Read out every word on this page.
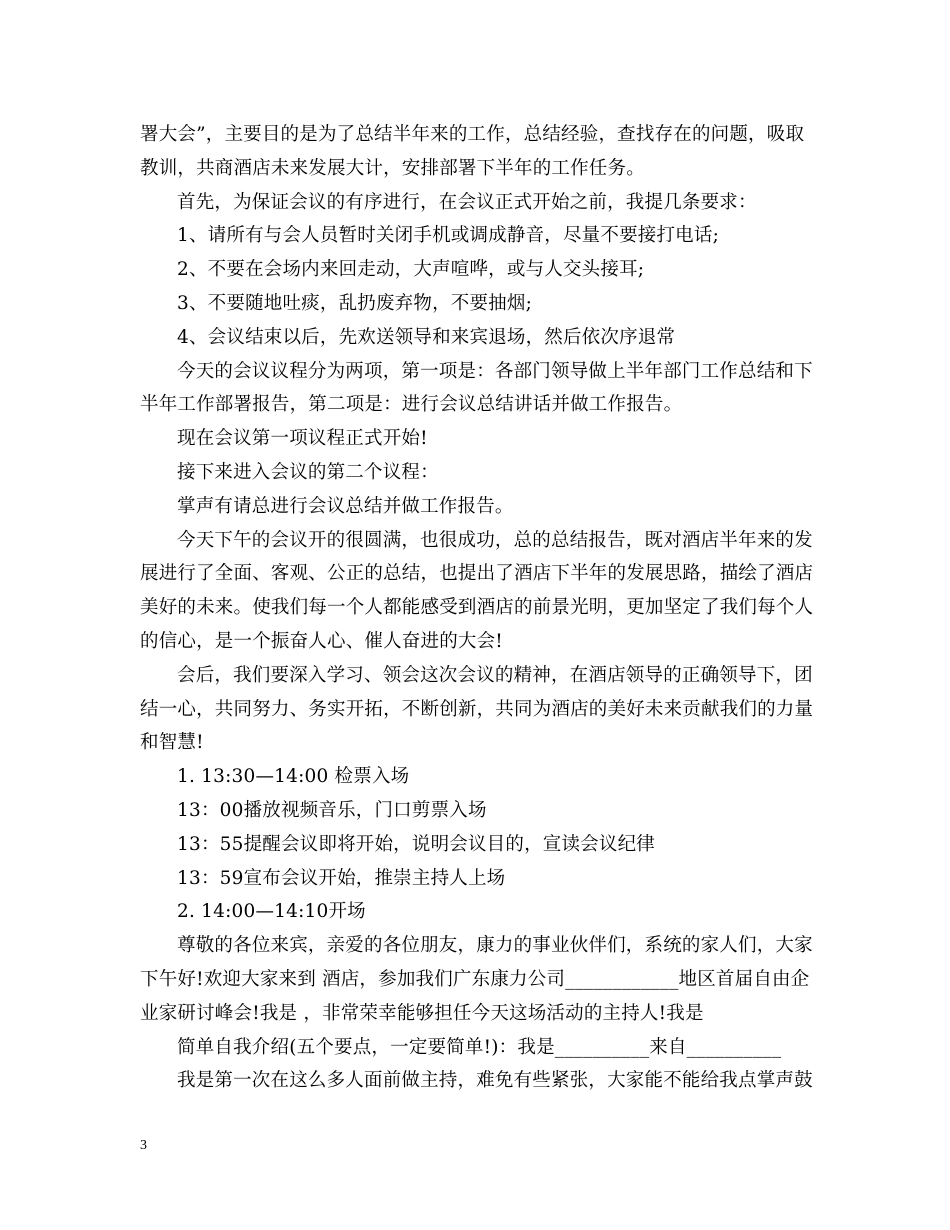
署大会”，主要目的是为了总结半年来的工作，总结经验，查找存在的问题，吸取
教训，共商酒店未来发展大计，安排部署下半年的工作任务。
首先，为保证会议的有序进行，在会议正式开始之前，我提几条要求：
1、请所有与会人员暂时关闭手机或调成静音，尽量不要接打电话;
2、不要在会场内来回走动，大声喧哗，或与人交头接耳;
3、不要随地吐痰，乱扔废弃物，不要抽烟;
4、会议结束以后，先欢送领导和来宾退场，然后依次序退常
今天的会议议程分为两项，第一项是：各部门领导做上半年部门工作总结和下
半年工作部署报告，第二项是：进行会议总结讲话并做工作报告。
现在会议第一项议程正式开始!
接下来进入会议的第二个议程：
掌声有请总进行会议总结并做工作报告。
今天下午的会议开的很圆满，也很成功，总的总结报告，既对酒店半年来的发
展进行了全面、客观、公正的总结，也提出了酒店下半年的发展思路，描绘了酒店
美好的未来。使我们每一个人都能感受到酒店的前景光明，更加坚定了我们每个人
的信心，是一个振奋人心、催人奋进的大会!
会后，我们要深入学习、领会这次会议的精神，在酒店领导的正确领导下，团
结一心，共同努力、务实开拓，不断创新，共同为酒店的美好未来贡献我们的力量
和智慧!
1. 13:30—14:00 检票入场
13：00播放视频音乐，门口剪票入场
13：55提醒会议即将开始，说明会议目的，宣读会议纪律
13：59宣布会议开始，推崇主持人上场
2. 14:00—14:10开场
尊敬的各位来宾，亲爱的各位朋友，康力的事业伙伴们，系统的家人们，大家
下午好!欢迎大家来到 酒店，参加我们广东康力公司____________地区首届自由企
业家研讨峰会!我是 ，非常荣幸能够担任今天这场活动的主持人!我是
简单自我介绍(五个要点，一定要简单!)：我是__________来自__________
我是第一次在这么多人面前做主持，难免有些紧张，大家能不能给我点掌声鼓
3
